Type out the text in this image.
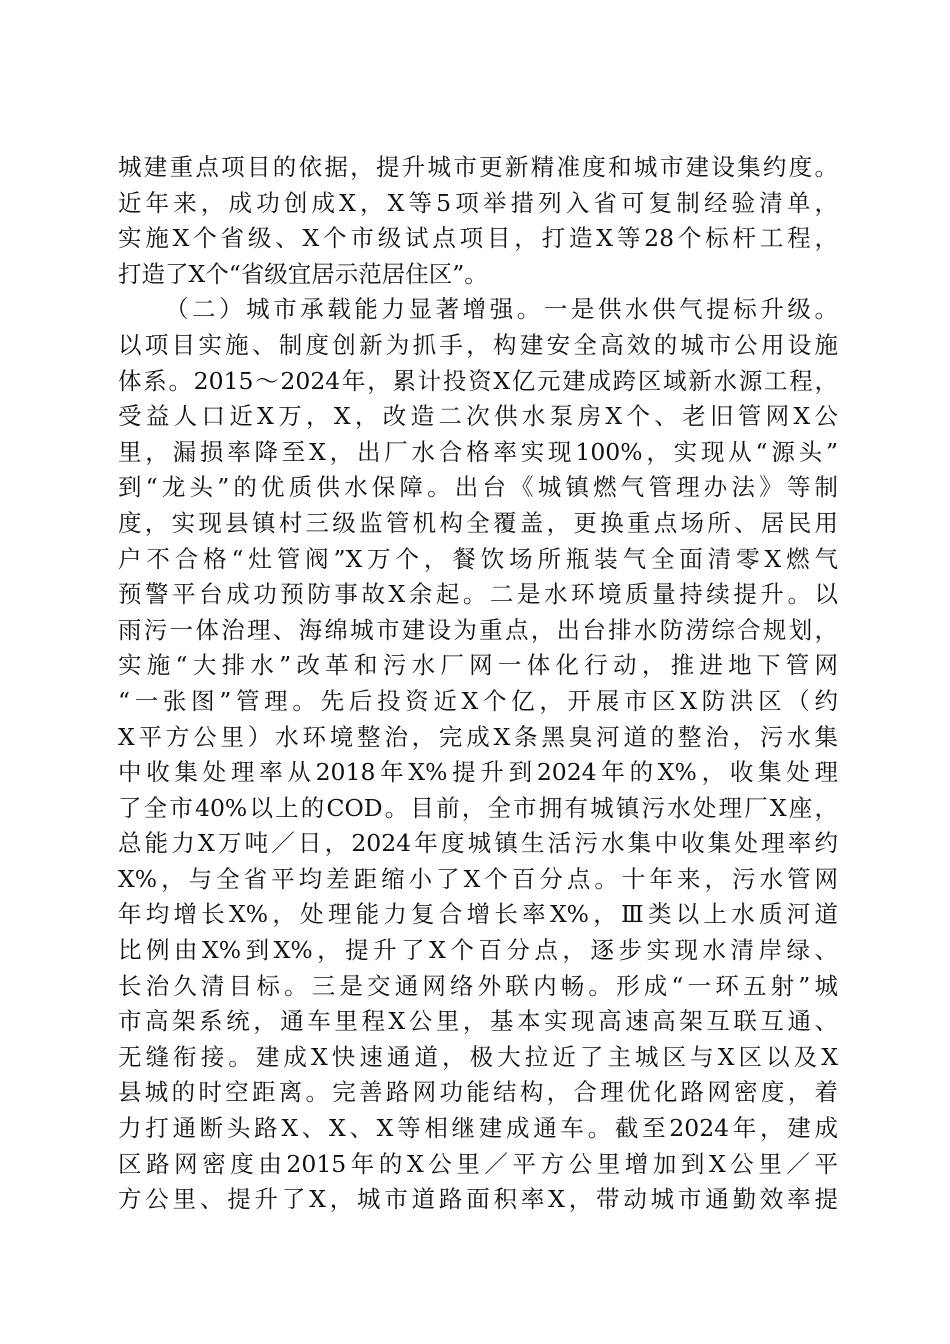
城建重点项目的依据，提升城市更新精准度和城市建设集约度。
近年来，成功创成X，X等5项举措列入省可复制经验清单，
实施X个省级、X个市级试点项目，打造X等28个标杆工程，
打造了X个“省级宜居示范居住区”。
（二）城市承载能力显著增强。一是供水供气提标升级。
以项目实施、制度创新为抓手，构建安全高效的城市公用设施
体系。2015～2024年，累计投资X亿元建成跨区域新水源工程，
受益人口近X万，X，改造二次供水泵房X个、老旧管网X公
里，漏损率降至X，出厂水合格率实现100%，实现从“源头”
到“龙头”的优质供水保障。出台《城镇燃气管理办法》等制
度，实现县镇村三级监管机构全覆盖，更换重点场所、居民用
户不合格“灶管阀”X万个，餐饮场所瓶装气全面清零X燃气
预警平台成功预防事故X余起。二是水环境质量持续提升。以
雨污一体治理、海绵城市建设为重点，出台排水防涝综合规划，
实施“大排水”改革和污水厂网一体化行动，推进地下管网
“一张图”管理。先后投资近X个亿，开展市区X防洪区（约
X平方公里）水环境整治，完成X条黑臭河道的整治，污水集
中收集处理率从2018年X%提升到2024年的X%，收集处理
了全市40%以上的COD。目前，全市拥有城镇污水处理厂X座，
总能力X万吨／日，2024年度城镇生活污水集中收集处理率约
X%，与全省平均差距缩小了X个百分点。十年来，污水管网
年均增长X%，处理能力复合增长率X%，Ⅲ类以上水质河道
比例由X%到X%，提升了X个百分点，逐步实现水清岸绿、
长治久清目标。三是交通网络外联内畅。形成“一环五射”城
市高架系统，通车里程X公里，基本实现高速高架互联互通、
无缝衔接。建成X快速通道，极大拉近了主城区与X区以及X
县城的时空距离。完善路网功能结构，合理优化路网密度，着
力打通断头路X、X、X等相继建成通车。截至2024年，建成
区路网密度由2015年的X公里／平方公里增加到X公里／平
方公里、提升了X，城市道路面积率X，带动城市通勤效率提
